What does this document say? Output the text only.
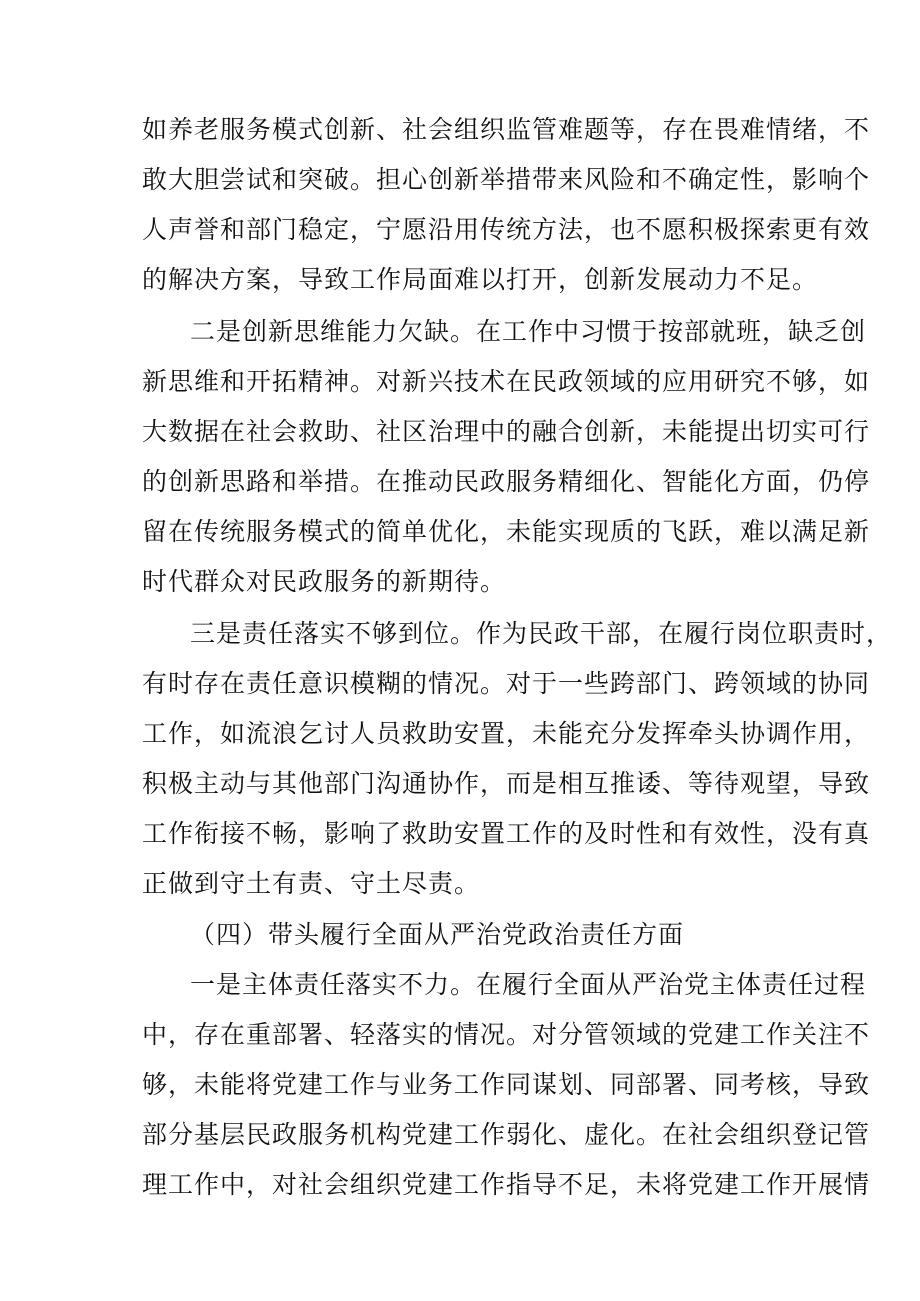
如养老服务模式创新、社会组织监管难题等，存在畏难情绪，不
敢大胆尝试和突破。担心创新举措带来风险和不确定性，影响个
人声誉和部门稳定，宁愿沿用传统方法，也不愿积极探索更有效
的解决方案，导致工作局面难以打开，创新发展动力不足。
二是创新思维能力欠缺。在工作中习惯于按部就班，缺乏创
新思维和开拓精神。对新兴技术在民政领域的应用研究不够，如
大数据在社会救助、社区治理中的融合创新，未能提出切实可行
的创新思路和举措。在推动民政服务精细化、智能化方面，仍停
留在传统服务模式的简单优化，未能实现质的飞跃，难以满足新
时代群众对民政服务的新期待。
三是责任落实不够到位。作为民政干部，在履行岗位职责时，
有时存在责任意识模糊的情况。对于一些跨部门、跨领域的协同
工作，如流浪乞讨人员救助安置，未能充分发挥牵头协调作用，
积极主动与其他部门沟通协作，而是相互推诿、等待观望，导致
工作衔接不畅，影响了救助安置工作的及时性和有效性，没有真
正做到守土有责、守土尽责。
（四）带头履行全面从严治党政治责任方面
一是主体责任落实不力。在履行全面从严治党主体责任过程
中，存在重部署、轻落实的情况。对分管领域的党建工作关注不
够，未能将党建工作与业务工作同谋划、同部署、同考核，导致
部分基层民政服务机构党建工作弱化、虚化。在社会组织登记管
理工作中，对社会组织党建工作指导不足，未将党建工作开展情
